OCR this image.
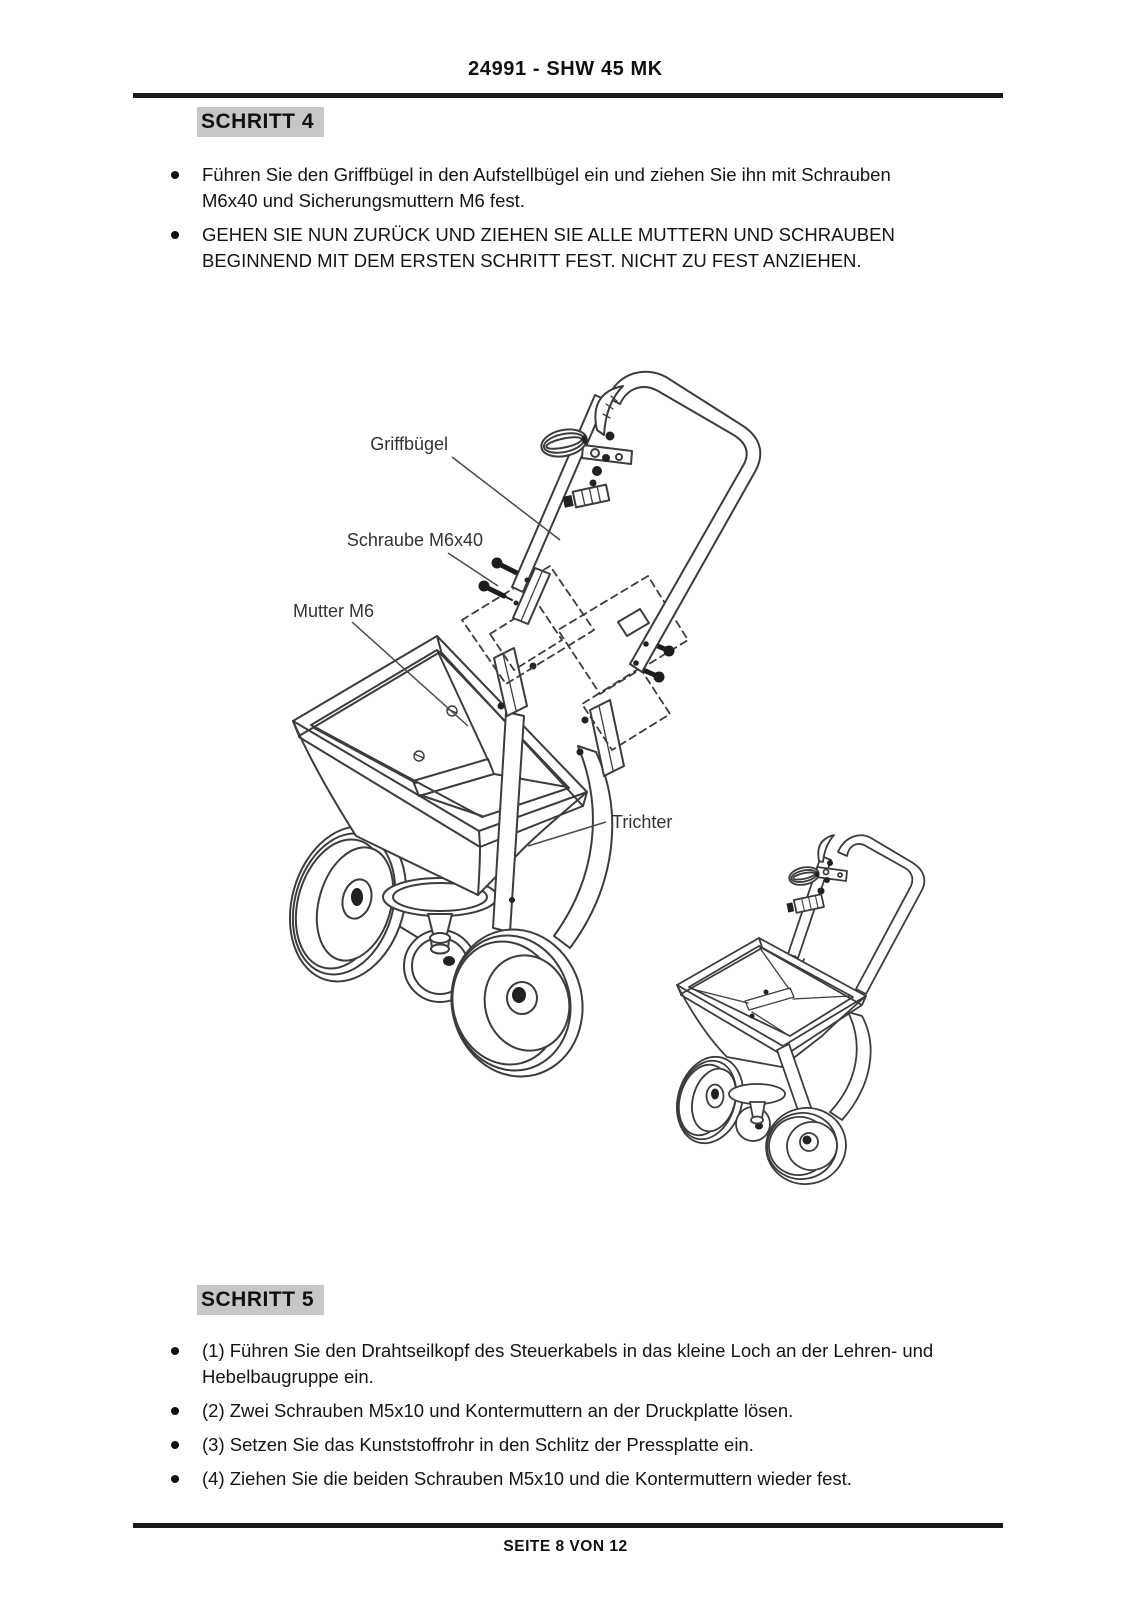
24991 - SHW 45 MK
SCHRITT 4
Führen Sie den Griffbügel in den Aufstellbügel ein und ziehen Sie ihn mit Schrauben M6x40 und Sicherungsmuttern M6 fest.
GEHEN SIE NUN ZURÜCK UND ZIEHEN SIE ALLE MUTTERN UND SCHRAUBEN BEGINNEND MIT DEM ERSTEN SCHRITT FEST. NICHT ZU FEST ANZIEHEN.
Griffbügel
Schraube M6x40
Mutter M6
Trichter
SCHRITT 5
(1) Führen Sie den Drahtseilkopf des Steuerkabels in das kleine Loch an der Lehren- und Hebelbaugruppe ein.
(2) Zwei Schrauben M5x10 und Kontermuttern an der Druckplatte lösen.
(3) Setzen Sie das Kunststoffrohr in den Schlitz der Pressplatte ein.
(4) Ziehen Sie die beiden Schrauben M5x10 und die Kontermuttern wieder fest.
SEITE 8 VON 12
